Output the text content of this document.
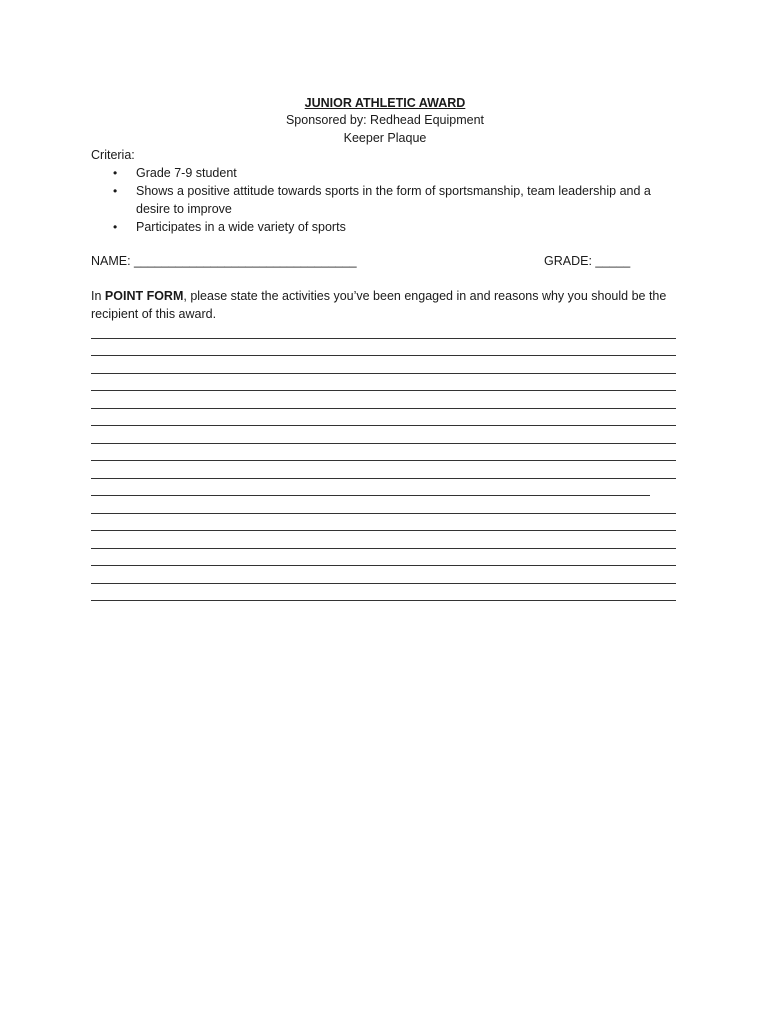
JUNIOR ATHLETIC AWARD
Sponsored by: Redhead Equipment
Keeper Plaque
Criteria:
• Grade 7-9 student
• Shows a positive attitude towards sports in the form of sportsmanship, team leadership and a desire to improve
• Participates in a wide variety of sports
NAME: ________________________________	GRADE: _____
In POINT FORM, please state the activities you’ve been engaged in and reasons why you should be the recipient of this award.
